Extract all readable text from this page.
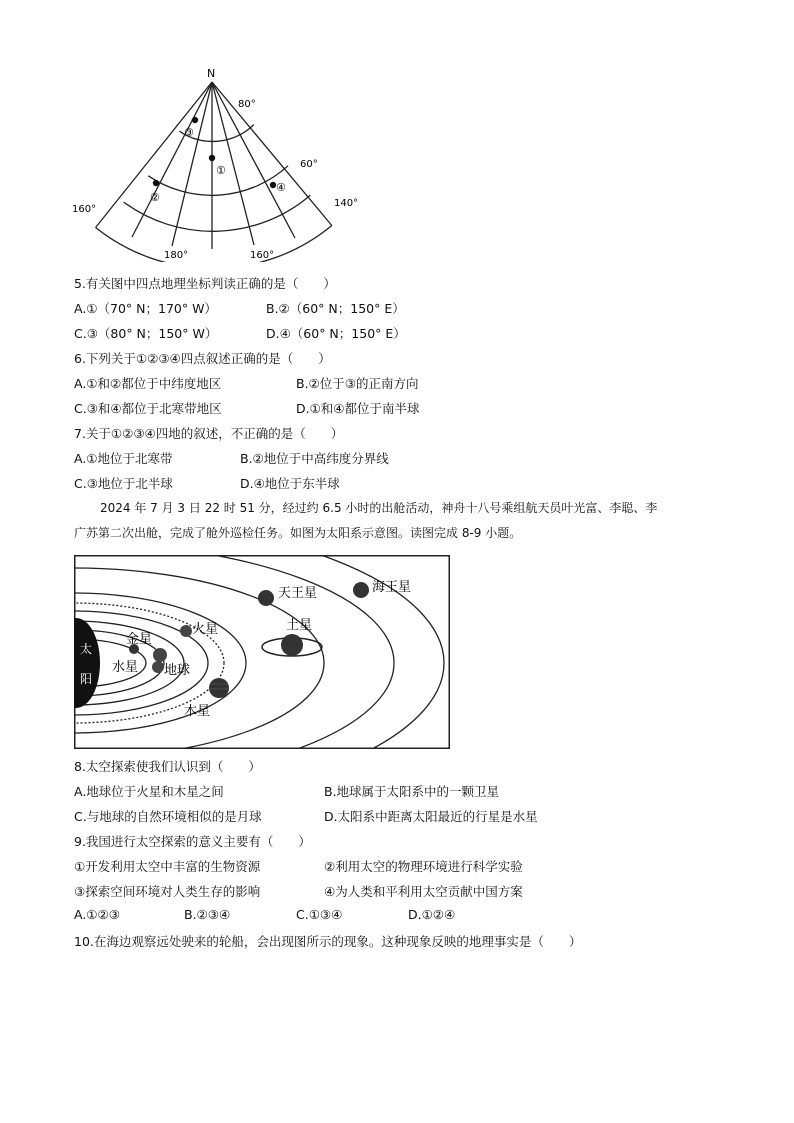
N
80°
60°
160°
140°
180°	160°
③
①
②
④
5.有关图中四点地理坐标判读正确的是（　　）
A.①（70° N；170° W）	B.②（60° N；150° E）
C.③（80° N；150° W）	D.④（60° N；150° E）
6.下列关于①②③④四点叙述正确的是（　　）
A.①和②都位于中纬度地区	B.②位于③的正南方向
C.③和④都位于北寒带地区	D.①和④都位于南半球
7.关于①②③④四地的叙述，不正确的是（　　）
A.①地位于北寒带	B.②地位于中高纬度分界线
C.③地位于北半球	D.④地位于东半球
2024 年 7 月 3 日 22 时 51 分，经过约 6.5 小时的出舱活动，神舟十八号乘组航天员叶光富、李聪、李
广苏第二次出舱，完成了舱外巡检任务。如图为太阳系示意图。读图完成 8-9 小题。
太
阳
水星
金星
地球
火星
木星
土星
天王星	海王星
8.太空探索使我们认识到（　　）
A.地球位于火星和木星之间	B.地球属于太阳系中的一颗卫星
C.与地球的自然环境相似的是月球	D.太阳系中距离太阳最近的行星是水星
9.我国进行太空探索的意义主要有（　　）
①开发利用太空中丰富的生物资源	②利用太空的物理环境进行科学实验
③探索空间环境对人类生存的影响	④为人类和平利用太空贡献中国方案
A.①②③	B.②③④	C.①③④	D.①②④
10.在海边观察远处驶来的轮船，会出现图所示的现象。这种现象反映的地理事实是（　　）
